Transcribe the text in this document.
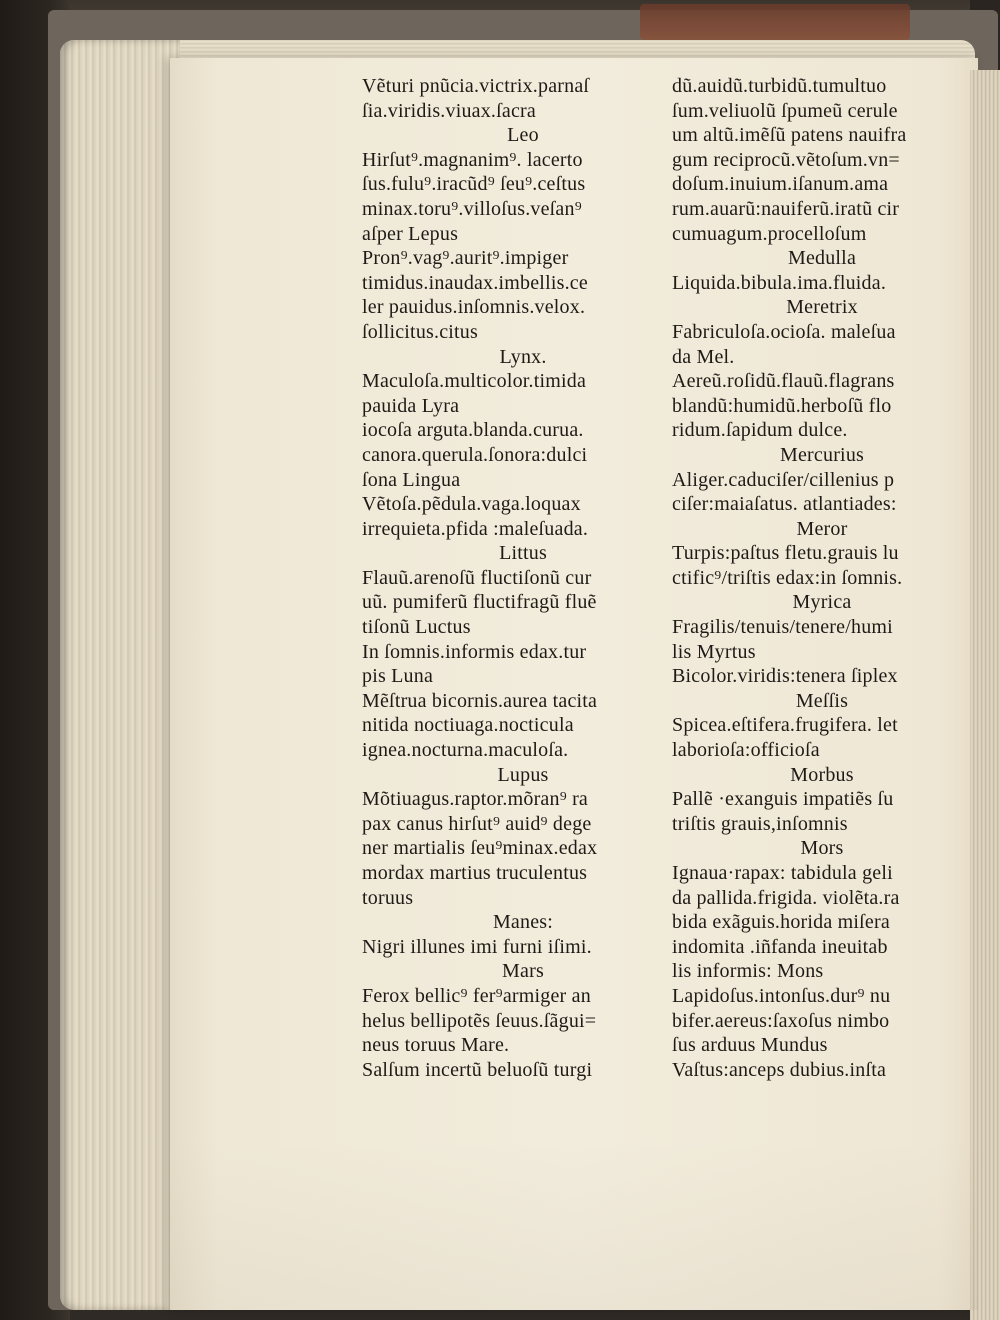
Vẽturi pnũcia.victrix.parnaſ
ſia.viridis.viuax.ſacra
Leo
Hirſut⁹.magnanim⁹. lacerto
ſus.fulu⁹.iracũd⁹ ſeu⁹.ceſtus
minax.toru⁹.villoſus.veſan⁹
aſper Lepus
Pron⁹.vag⁹.aurit⁹.impiger
timidus.inaudax.imbellis.ce
ler pauidus.inſomnis.velox.
ſollicitus.citus
Lynx.
Maculoſa.multicolor.timida
pauida Lyra
iocoſa arguta.blanda.curua.
canora.querula.ſonora:dulci
ſona Lingua
Vẽtoſa.pẽdula.vaga.loquax
irrequieta.pfida :maleſuada.
Littus
Flauũ.arenoſũ fluctiſonũ cur
uũ. pumiferũ fluctifragũ fluẽ
tiſonũ Luctus
In ſomnis.informis edax.tur
pis Luna
Mẽſtrua bicornis.aurea tacita
nitida noctiuaga.nocticula
ignea.nocturna.maculoſa.
Lupus
Mõtiuagus.raptor.mõran⁹ ra
pax canus hirſut⁹ auid⁹ dege
ner martialis ſeu⁹minax.edax
mordax martius truculentus
toruus
Manes:
Nigri illunes imi furni iſimi.
Mars
Ferox bellic⁹ fer⁹armiger an
helus bellipotẽs ſeuus.ſãgui=
neus toruus Mare.
Salſum incertũ beluoſũ turgi
dũ.auidũ.turbidũ.tumultuo
ſum.veliuolũ ſpumeũ cerule
um altũ.imẽſũ patens nauifra
gum reciprocũ.vẽtoſum.vn=
doſum.inuium.iſanum.ama
rum.auarũ:nauiferũ.iratũ cir
cumuagum.procelloſum
Medulla
Liquida.bibula.ima.fluida.
Meretrix
Fabriculoſa.ocioſa. maleſua
da Mel.
Aereũ.roſidũ.flauũ.flagrans
blandũ:humidũ.herboſũ flo
ridum.ſapidum dulce.
Mercurius
Aliger.caduciſer/cillenius p
ciſer:maiaſatus. atlantiades:
Meror
Turpis:paſtus fletu.grauis lu
ctific⁹/triſtis edax:in ſomnis.
Myrica
Fragilis/tenuis/tenere/humi
lis Myrtus
Bicolor.viridis:tenera ſiplex
Meſſis
Spicea.eſtifera.frugifera. let
laborioſa:officioſa
Morbus
Pallẽ ·exanguis impatiẽs ſu
triſtis grauis,inſomnis
Mors
Ignaua·rapax: tabidula geli
da pallida.frigida. violẽta.ra
bida exãguis.horida miſera
indomita .iñfanda ineuitab
lis informis: Mons
Lapidoſus.intonſus.dur⁹ nu
bifer.aereus:ſaxoſus nimbo
ſus arduus Mundus
Vaſtus:anceps dubius.inſta
